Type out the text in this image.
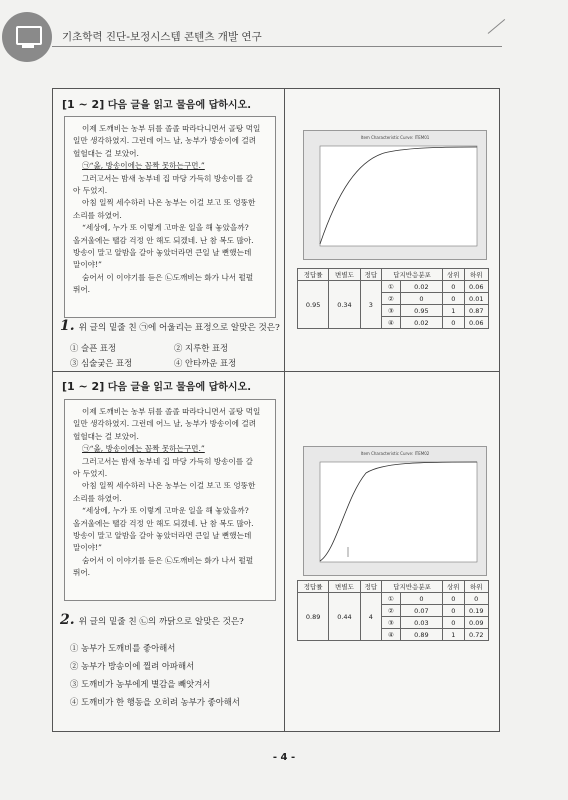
기초학력 진단-보정시스템 콘텐츠 개발 연구
[1 ~ 2] 다음 글을 읽고 물음에 답하시오.

이제 도깨비는 농부 뒤를 졸졸 따라다니면서 골탕 먹일

일만 생각하였지. 그런데 어느 날, 농부가 방송이에 걸려

헐헐대는 걸 보았어.

㉠“옳, 방송이에는 꼼짝 못하는구먼.”

그러고서는 밤새 농부네 집 마당 가득히 방송이를 갈

아 두었지.

아침 일찍 세수하러 나온 농부는 이걸 보고 또 엉뚱한

소리를 하였어.

“세상에, 누가 또 이렇게 고마운 일을 해 놓았을까?

올겨울에는 땔감 걱정 안 해도 되겠네. 난 참 복도 많아.

방송이 말고 알밤을 갈아 놓았더라면 큰일 날 뻔했는데

말이야!”

숨어서 이 이야기를 듣은 ㉡도깨비는 화가 나서 펄펄

뛰어.

1. 위 글의 밑줄 친 ㉠에 어울리는 표정으로 알맞은 것은?
① 슬픈 표정	② 지루한 표정
③ 심술궂은 표정	④ 안타까운 표정
Item Characteristic Curve: ITEM01
정답률	변별도	정답	답지반응분포		상위	하위
0.95	0.34	3	①	0.02	0	0.06
			②	0	0	0.01
			③	0.95	1	0.87
			④	0.02	0	0.06
[1 ~ 2] 다음 글을 읽고 물음에 답하시오.

이제 도깨비는 농부 뒤를 졸졸 따라다니면서 골탕 먹일

일만 생각하였지. 그런데 어느 날, 농부가 방송이에 걸려

헐헐대는 걸 보았어.

㉠“옳, 방송이에는 꼼짝 못하는구먼.”

그러고서는 밤새 농부네 집 마당 가득히 방송이를 갈

아 두었지.

아침 일찍 세수하러 나온 농부는 이걸 보고 또 엉뚱한

소리를 하였어.

“세상에, 누가 또 이렇게 고마운 일을 해 놓았을까?

올겨울에는 땔감 걱정 안 해도 되겠네. 난 참 복도 많아.

방송이 말고 알밤을 갈아 놓았더라면 큰일 날 뻔했는데

말이야!”

숨어서 이 이야기를 듣은 ㉡도깨비는 화가 나서 펄펄

뛰어.

2. 위 글의 밑줄 친 ㉡의 까닭으로 알맞은 것은?
① 농부가 도깨비를 좋아해서
② 농부가 방송이에 찔려 아파해서
③ 도깨비가 농부에게 별감을 빼앗겨서
④ 도깨비가 한 행동을 오히려 농부가 좋아해서
Item Characteristic Curve: ITEM02
정답률	변별도	정답	답지반응분포		상위	하위
0.89	0.44	4	①	0	0	0
			②	0.07	0	0.19
			③	0.03	0	0.09
			④	0.89	1	0.72
- 4 -
